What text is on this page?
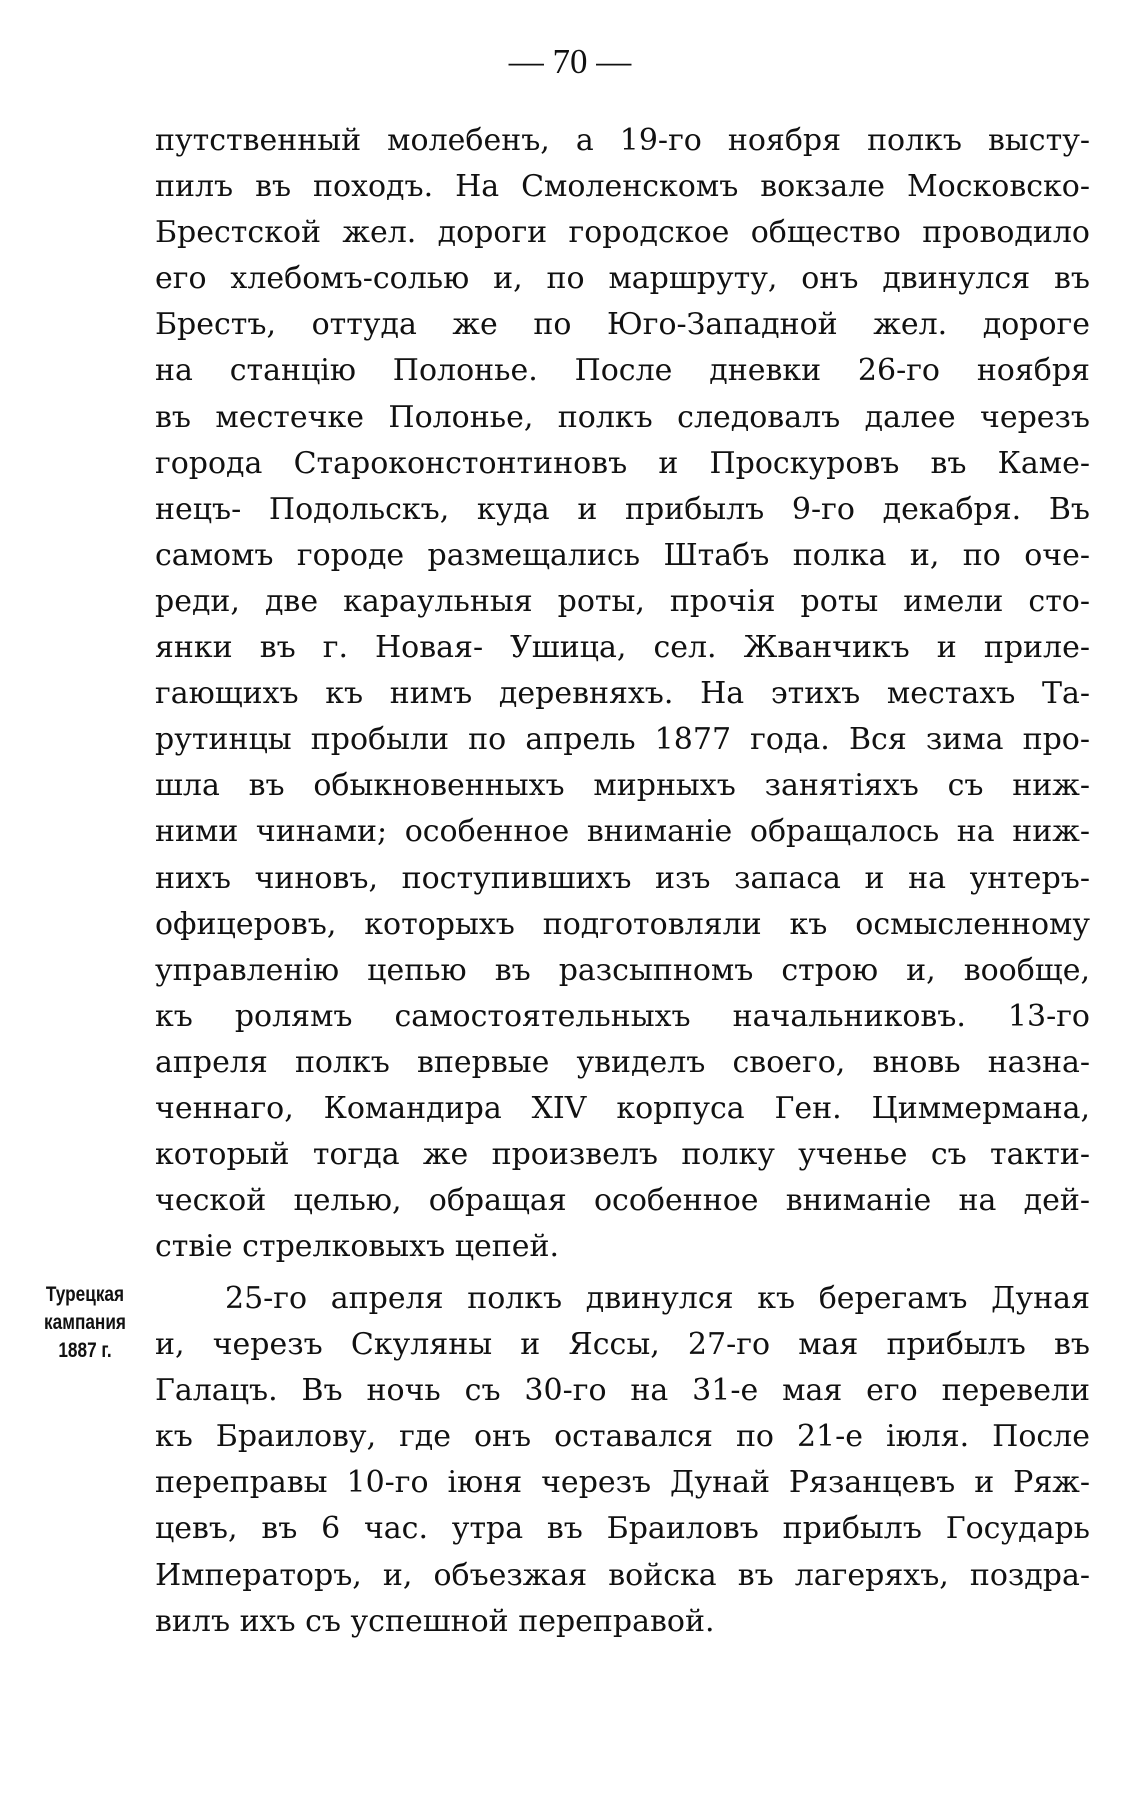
— 70 —
путственный молебенъ, а 19-го ноября полкъ высту-
пилъ въ походъ. На Смоленскомъ вокзале Московско-
Брестской жел. дороги городское общество проводило
его хлебомъ-солью и, по маршруту, онъ двинулся въ
Брестъ, оттуда же по Юго-Западной жел. дороге
на станцію Полонье. После дневки 26-го ноября
въ местечке Полонье, полкъ следовалъ далее черезъ
города Староконстонтиновъ и Проскуровъ въ Каме-
нецъ- Подольскъ, куда и прибылъ 9-го декабря. Въ
самомъ городе размещались Штабъ полка и, по оче-
реди, две караульныя роты, прочія роты имели сто-
янки въ г. Новая- Ушица, сел. Жванчикъ и приле-
гающихъ къ нимъ деревняхъ. На этихъ местахъ Та-
рутинцы пробыли по апрель 1877 года. Вся зима про-
шла въ обыкновенныхъ мирныхъ занятіяхъ съ ниж-
ними чинами; особенное вниманіе обращалось на ниж-
нихъ чиновъ, поступившихъ изъ запаса и на унтеръ-
офицеровъ, которыхъ подготовляли къ осмысленному
управленію цепью въ разсыпномъ строю и, вообще,
къ ролямъ самостоятельныхъ начальниковъ. 13-го
апреля полкъ впервые увиделъ своего, вновь назна-
ченнаго, Командира XIV корпуса Ген. Циммермана,
который тогда же произвелъ полку ученье съ такти-
ческой целью, обращая особенное вниманіе на дей-
ствіе стрелковыхъ цепей.
Турецкая
кампания
1887 г.
25-го апреля полкъ двинулся къ берегамъ Дуная
и, черезъ Скуляны и Яссы, 27-го мая прибылъ въ
Галацъ. Въ ночь съ 30-го на 31-е мая его перевели
къ Браилову, где онъ оставался по 21-е іюля. После
переправы 10-го іюня черезъ Дунай Рязанцевъ и Ряж-
цевъ, въ 6 час. утра въ Браиловъ прибылъ Государь
Императоръ, и, объезжая войска въ лагеряхъ, поздра-
вилъ ихъ съ успешной переправой.
